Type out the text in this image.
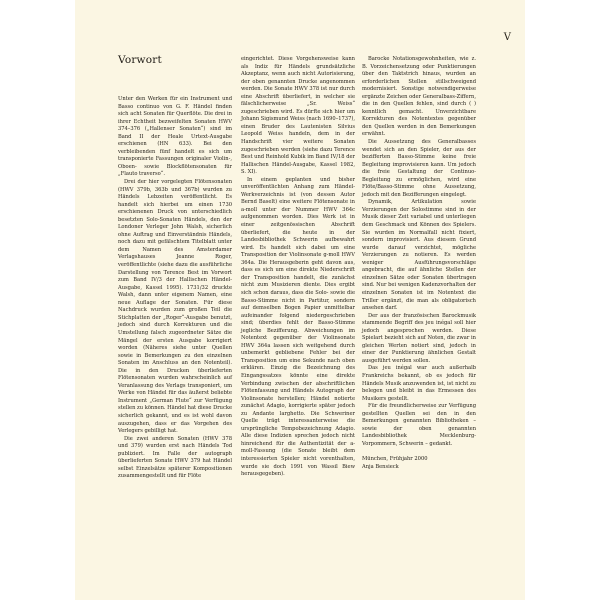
V
Vorwort

Unter den Werken für ein Instrument und Basso continuo von G. F. Händel finden sich acht Sonaten für Querflöte. Die drei in ihrer Echtheit bezweifelten Sonaten HWV 374–376 („Hallenser Sonaten“) sind im Band II der Heale Urtext-Ausgabe erschienen (HN 633). Bei den verbleibenden fünf handelt es sich um transponierte Fassungen originaler Violin-, Oboen- sowie Blockflötensonaten für „Flauto traverso“.

Drei der hier vorgelegten Flötensonaten (HWV 379b, 363b und 367b) wurden zu Händels Lebzeiten veröffentlicht. Es handelt sich hierbei um einen 1730 erschienenen Druck von unterschiedlich besetzten Solo-Sonaten Händels, den der Londoner Verleger John Walsh, sicherlich ohne Auftrag und Einverständnis Händels, noch dazu mit gefälschtem Titelblatt unter dem Namen des Amsterdamer Verlagshauses Jeanne Roger, veröffentlichte (siehe dazu die ausführliche Darstellung von Terence Best im Vorwort zum Band IV/3 der Hallischen Händel-Ausgabe, Kassel 1995). 1731/32 druckte Walsh, dann unter eigenem Namen, eine neue Auflage der Sonaten. Für diese Nachdruck wurden zum großen Teil die Stichplatten der „Roger“-Ausgabe benutzt, jedoch sind durch Korrekturen und die Umstellung falsch zugeordneter Sätze die Mängel der ersten Ausgabe korrigiert worden (Näheres siehe unter Quellen sowie in Bemerkungen zu den einzelnen Sonaten im Anschluss an den Notenteil). Die in den Drucken überlieferten Flötensonaten wurden wahrscheinlich auf Veranlassung des Verlags transponiert, um Werke von Händel für das äußerst beliebte Instrument „German Flute“ zur Verfügung stellen zu können. Händel hat diese Drucke sicherlich gekannt, und es ist wohl davon auszugehen, dass er das Vorgehen des Verlegers gebilligt hat.

Die zwei anderen Sonaten (HWV 378 und 379) wurden erst nach Händels Tod publiziert. Im Falle der autograph überlieferten Sonate HWV 379 hat Händel selbst Einzelsätze späterer Kompositionen zusammengestellt und für Flöte

eingerichtet. Diese Vorgehensweise kann als Indiz für Händels grundsätzliche Akzeptanz, wenn auch nicht Autorisierung, der oben genannten Drucke angenommen werden. Die Sonate HWV 378 ist nur durch eine Abschrift überliefert, in welcher sie fälschlicherweise „Sr. Weiss“ zugeschrieben wird. Es dürfte sich hier um Johann Sigismund Weiss (nach 1690–1737), einen Bruder des Lautenisten Silvius Leopold Weiss handeln, dem in der Handschrift vier weitere Sonaten zugeschrieben werden (siehe dazu Terence Best und Reinhold Kubik im Band IV/18 der Hallischen Händel-Ausgabe, Kassel 1982, S. XI).

In einem geplanten und bisher unveröffentlichten Anhang zum Händel-Werkverzeichnis ist (von dessen Autor Bernd Baselt) eine weitere Flötensonate in a-moll unter der Nummer HWV 364c aufgenommen worden. Dies Werk ist in einer zeitgenössischen Abschrift überliefert, die heute in der Landesbibliothek Schwerin aufbewahrt wird. Es handelt sich dabei um eine Transposition der Violinsonate g-moll HWV 364a. Die Herausgeberin geht davon aus, dass es sich um eine direkte Niederschrift der Transposition handelt, die zunächst nicht zum Musizieren diente. Dies ergibt sich schon daraus, dass die Solo- sowie die Basso-Stimme nicht in Partitur, sondern auf demselben Bogen Papier unmittelbar aufeinander folgend niedergeschrieben sind; überdies fehlt der Basso-Stimme jegliche Bezifferung. Abweichungen im Notentext gegenüber der Violinsonate HWV 364a lassen sich weitgehend durch unbemerkt gebliebene Fehler bei der Transposition um eine Sekunde nach oben erklären. Einzig die Bezeichnung des Eingangssatzes könnte eine direkte Verbindung zwischen der abschriftlichen Flötenfassung und Händels Autograph der Violinsonate herstellen; Händel notierte zunächst Adagio, korrigierte später jedoch zu Andante larghetto. Die Schweriner Quelle trägt interessanterweise die ursprüngliche Tempobezeichnung Adagio. Alle diese Indizien sprechen jedoch nicht hinreichend für die Authentizität der a-moll-Fassung (die Sonate bleibt dem interessierten Spieler nicht vorenthalten, wurde sie doch 1991 von Wassil Biew herausgegeben).

Barocke Notationsgewohnheiten, wie z. B. Vorzeichensetzung oder Punktierungen über den Taktstrich hinaus, wurden an erforderlichen Stellen stillschweigend modernisiert. Sonstige notwendigerweise ergänzte Zeichen oder Generalbass-Ziffern, die in den Quellen fehlen, sind durch ( ) kenntlich gemacht. Unverzichtbare Korrekturen des Notentextes gegenüber den Quellen werden in den Bemerkungen erwähnt.

Die Aussetzung des Generalbasses wendet sich an den Spieler, der aus der bezifferten Basso-Stimme keine freie Begleitung improvisieren kann. Um jedoch die freie Gestaltung der Continuo-Begleitung zu ermöglichen, wird eine Flöte/Basso-Stimme ohne Aussetzung, jedoch mit den Bezifferungen eingelegt.

Dynamik, Artikulation sowie Verzierungen der Solostimme sind in der Musik dieser Zeit variabel und unterliegen dem Geschmack und Können des Spielers. Sie wurden im Normalfall nicht fixiert, sondern improvisiert. Aus diesem Grund wurde darauf verzichtet, mögliche Verzierungen zu notieren. Es werden weniger Ausführungsvorschläge angebracht, die auf ähnliche Stellen der einzelnen Sätze oder Sonaten übertragen sind. Nur bei wenigen Kadenzvorhalten der einzelnen Sonaten ist im Notentext die Triller ergänzt, die man als obligatorisch ansehen darf.

Der aus der französischen Barockmusik stammende Begriff des jeu inégal soll hier jedoch angesprochen werden. Diese Spielart bezieht sich auf Noten, die zwar in gleichen Werten notiert sind, jedoch in einer der Punktierung ähnlichen Gestalt ausgeführt werden sollen.

Das jeu inégal war auch außerhalb Frankreichs bekannt, ob es jedoch für Händels Musik anzuwenden ist, ist nicht zu belegen und bleibt in das Ermessen des Musikers gestellt.

Für die freundlicherweise zur Verfügung gestellten Quellen sei den in den Bemerkungen genannten Bibliotheken – sowie der oben genannten Landesbibliothek Mecklenburg-Vorpommern, Schwerin – gedankt.

München, Frühjahr 2000

Anja Bensieck
